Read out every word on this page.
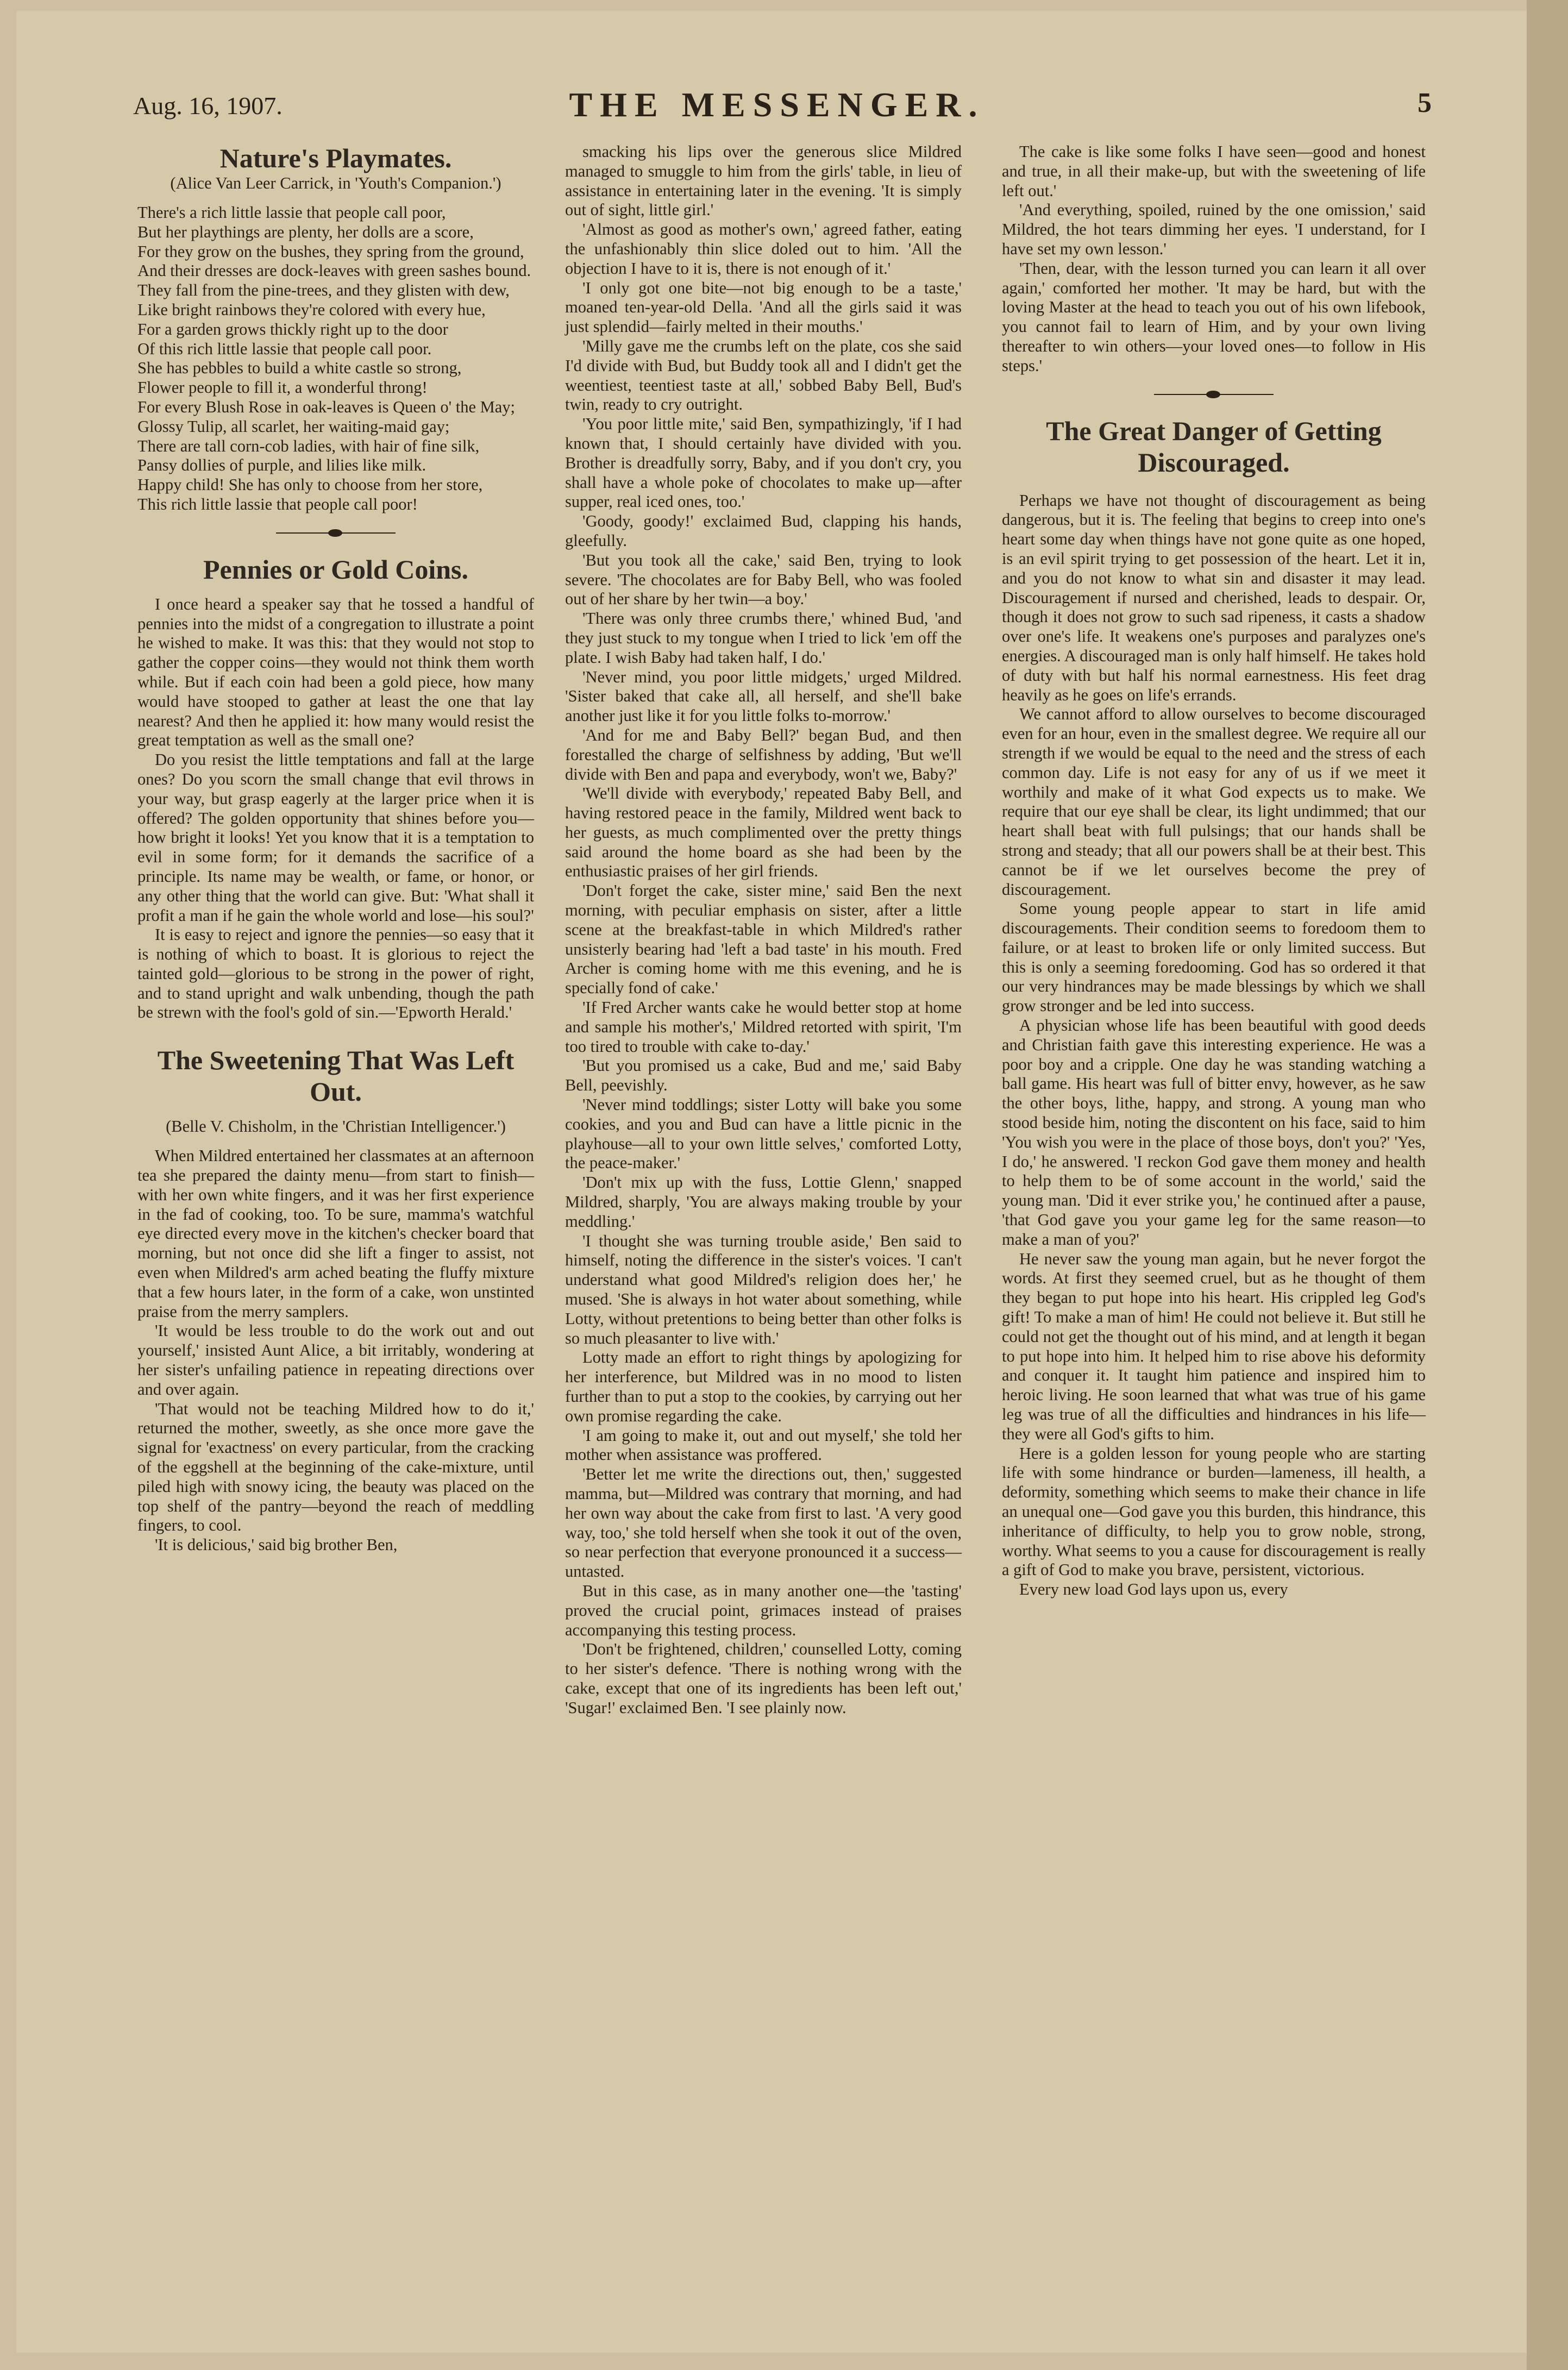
Aug. 16, 1907.	THE MESSENGER.	5
Nature's Playmates.
(Alice Van Leer Carrick, in 'Youth's Companion.')

There's a rich little lassie that people call poor,

But her playthings are plenty, her dolls are a score,

For they grow on the bushes, they spring from the ground,

And their dresses are dock-leaves with green sashes bound.

They fall from the pine-trees, and they glisten with dew,

Like bright rainbows they're colored with every hue,

For a garden grows thickly right up to the door

Of this rich little lassie that people call poor.

She has pebbles to build a white castle so strong,

Flower people to fill it, a wonderful throng!

For every Blush Rose in oak-leaves is Queen o' the May;

Glossy Tulip, all scarlet, her waiting-maid gay;

There are tall corn-cob ladies, with hair of fine silk,

Pansy dollies of purple, and lilies like milk.

Happy child! She has only to choose from her store,

This rich little lassie that people call poor!

Pennies or Gold Coins.

I once heard a speaker say that he tossed a handful of pennies into the midst of a congregation to illustrate a point he wished to make. It was this: that they would not stop to gather the copper coins—they would not think them worth while. But if each coin had been a gold piece, how many would have stooped to gather at least the one that lay nearest? And then he applied it: how many would resist the great temptation as well as the small one?

Do you resist the little temptations and fall at the large ones? Do you scorn the small change that evil throws in your way, but grasp eagerly at the larger price when it is offered? The golden opportunity that shines before you—how bright it looks! Yet you know that it is a temptation to evil in some form; for it demands the sacrifice of a principle. Its name may be wealth, or fame, or honor, or any other thing that the world can give. But: 'What shall it profit a man if he gain the whole world and lose—his soul?'

It is easy to reject and ignore the pennies—so easy that it is nothing of which to boast. It is glorious to reject the tainted gold—glorious to be strong in the power of right, and to stand upright and walk unbending, though the path be strewn with the fool's gold of sin.—'Epworth Herald.'

The Sweetening That Was Left Out.
(Belle V. Chisholm, in the 'Christian Intelligencer.')

When Mildred entertained her classmates at an afternoon tea she prepared the dainty menu—from start to finish—with her own white fingers, and it was her first experience in the fad of cooking, too. To be sure, mamma's watchful eye directed every move in the kitchen's checker board that morning, but not once did she lift a finger to assist, not even when Mildred's arm ached beating the fluffy mixture that a few hours later, in the form of a cake, won unstinted praise from the merry samplers.

'It would be less trouble to do the work out and out yourself,' insisted Aunt Alice, a bit irritably, wondering at her sister's unfailing patience in repeating directions over and over again.

'That would not be teaching Mildred how to do it,' returned the mother, sweetly, as she once more gave the signal for 'exactness' on every particular, from the cracking of the eggshell at the beginning of the cake-mixture, until piled high with snowy icing, the beauty was placed on the top shelf of the pantry—beyond the reach of meddling fingers, to cool.

'It is delicious,' said big brother Ben,

smacking his lips over the generous slice Mildred managed to smuggle to him from the girls' table, in lieu of assistance in entertaining later in the evening. 'It is simply out of sight, little girl.'

'Almost as good as mother's own,' agreed father, eating the unfashionably thin slice doled out to him. 'All the objection I have to it is, there is not enough of it.'

'I only got one bite—not big enough to be a taste,' moaned ten-year-old Della. 'And all the girls said it was just splendid—fairly melted in their mouths.'

'Milly gave me the crumbs left on the plate, cos she said I'd divide with Bud, but Buddy took all and I didn't get the weentiest, teentiest taste at all,' sobbed Baby Bell, Bud's twin, ready to cry outright.

'You poor little mite,' said Ben, sympathizingly, 'if I had known that, I should certainly have divided with you. Brother is dreadfully sorry, Baby, and if you don't cry, you shall have a whole poke of chocolates to make up—after supper, real iced ones, too.'

'Goody, goody!' exclaimed Bud, clapping his hands, gleefully.

'But you took all the cake,' said Ben, trying to look severe. 'The chocolates are for Baby Bell, who was fooled out of her share by her twin—a boy.'

'There was only three crumbs there,' whined Bud, 'and they just stuck to my tongue when I tried to lick 'em off the plate. I wish Baby had taken half, I do.'

'Never mind, you poor little midgets,' urged Mildred. 'Sister baked that cake all, all herself, and she'll bake another just like it for you little folks to-morrow.'

'And for me and Baby Bell?' began Bud, and then forestalled the charge of selfishness by adding, 'But we'll divide with Ben and papa and everybody, won't we, Baby?'

'We'll divide with everybody,' repeated Baby Bell, and having restored peace in the family, Mildred went back to her guests, as much complimented over the pretty things said around the home board as she had been by the enthusiastic praises of her girl friends.

'Don't forget the cake, sister mine,' said Ben the next morning, with peculiar emphasis on sister, after a little scene at the breakfast-table in which Mildred's rather unsisterly bearing had 'left a bad taste' in his mouth. Fred Archer is coming home with me this evening, and he is specially fond of cake.'

'If Fred Archer wants cake he would better stop at home and sample his mother's,' Mildred retorted with spirit, 'I'm too tired to trouble with cake to-day.'

'But you promised us a cake, Bud and me,' said Baby Bell, peevishly.

'Never mind toddlings; sister Lotty will bake you some cookies, and you and Bud can have a little picnic in the playhouse—all to your own little selves,' comforted Lotty, the peace-maker.'

'Don't mix up with the fuss, Lottie Glenn,' snapped Mildred, sharply, 'You are always making trouble by your meddling.'

'I thought she was turning trouble aside,' Ben said to himself, noting the difference in the sister's voices. 'I can't understand what good Mildred's religion does her,' he mused. 'She is always in hot water about something, while Lotty, without pretentions to being better than other folks is so much pleasanter to live with.'

Lotty made an effort to right things by apologizing for her interference, but Mildred was in no mood to listen further than to put a stop to the cookies, by carrying out her own promise regarding the cake.

'I am going to make it, out and out myself,' she told her mother when assistance was proffered.

'Better let me write the directions out, then,' suggested mamma, but—Mildred was contrary that morning, and had her own way about the cake from first to last. 'A very good way, too,' she told herself when she took it out of the oven, so near perfection that everyone pronounced it a success—untasted.

But in this case, as in many another one—the 'tasting' proved the crucial point, grimaces instead of praises accompanying this testing process.

'Don't be frightened, children,' counselled Lotty, coming to her sister's defence. 'There is nothing wrong with the cake, except that one of its ingredients has been left out,' 'Sugar!' exclaimed Ben. 'I see plainly now.

The cake is like some folks I have seen—good and honest and true, in all their make-up, but with the sweetening of life left out.'

'And everything, spoiled, ruined by the one omission,' said Mildred, the hot tears dimming her eyes. 'I understand, for I have set my own lesson.'

'Then, dear, with the lesson turned you can learn it all over again,' comforted her mother. 'It may be hard, but with the loving Master at the head to teach you out of his own lifebook, you cannot fail to learn of Him, and by your own living thereafter to win others—your loved ones—to follow in His steps.'

The Great Danger of Getting Discouraged.

Perhaps we have not thought of discouragement as being dangerous, but it is. The feeling that begins to creep into one's heart some day when things have not gone quite as one hoped, is an evil spirit trying to get possession of the heart. Let it in, and you do not know to what sin and disaster it may lead. Discouragement if nursed and cherished, leads to despair. Or, though it does not grow to such sad ripeness, it casts a shadow over one's life. It weakens one's purposes and paralyzes one's energies. A discouraged man is only half himself. He takes hold of duty with but half his normal earnestness. His feet drag heavily as he goes on life's errands.

We cannot afford to allow ourselves to become discouraged even for an hour, even in the smallest degree. We require all our strength if we would be equal to the need and the stress of each common day. Life is not easy for any of us if we meet it worthily and make of it what God expects us to make. We require that our eye shall be clear, its light undimmed; that our heart shall beat with full pulsings; that our hands shall be strong and steady; that all our powers shall be at their best. This cannot be if we let ourselves become the prey of discouragement.

Some young people appear to start in life amid discouragements. Their condition seems to foredoom them to failure, or at least to broken life or only limited success. But this is only a seeming foredooming. God has so ordered it that our very hindrances may be made blessings by which we shall grow stronger and be led into success.

A physician whose life has been beautiful with good deeds and Christian faith gave this interesting experience. He was a poor boy and a cripple. One day he was standing watching a ball game. His heart was full of bitter envy, however, as he saw the other boys, lithe, happy, and strong. A young man who stood beside him, noting the discontent on his face, said to him 'You wish you were in the place of those boys, don't you?' 'Yes, I do,' he answered. 'I reckon God gave them money and health to help them to be of some account in the world,' said the young man. 'Did it ever strike you,' he continued after a pause, 'that God gave you your game leg for the same reason—to make a man of you?'

He never saw the young man again, but he never forgot the words. At first they seemed cruel, but as he thought of them they began to put hope into his heart. His crippled leg God's gift! To make a man of him! He could not believe it. But still he could not get the thought out of his mind, and at length it began to put hope into him. It helped him to rise above his deformity and conquer it. It taught him patience and inspired him to heroic living. He soon learned that what was true of his game leg was true of all the difficulties and hindrances in his life—they were all God's gifts to him.

Here is a golden lesson for young people who are starting life with some hindrance or burden—lameness, ill health, a deformity, something which seems to make their chance in life an unequal one—God gave you this burden, this hindrance, this inheritance of difficulty, to help you to grow noble, strong, worthy. What seems to you a cause for discouragement is really a gift of God to make you brave, persistent, victorious.

Every new load God lays upon us, every
